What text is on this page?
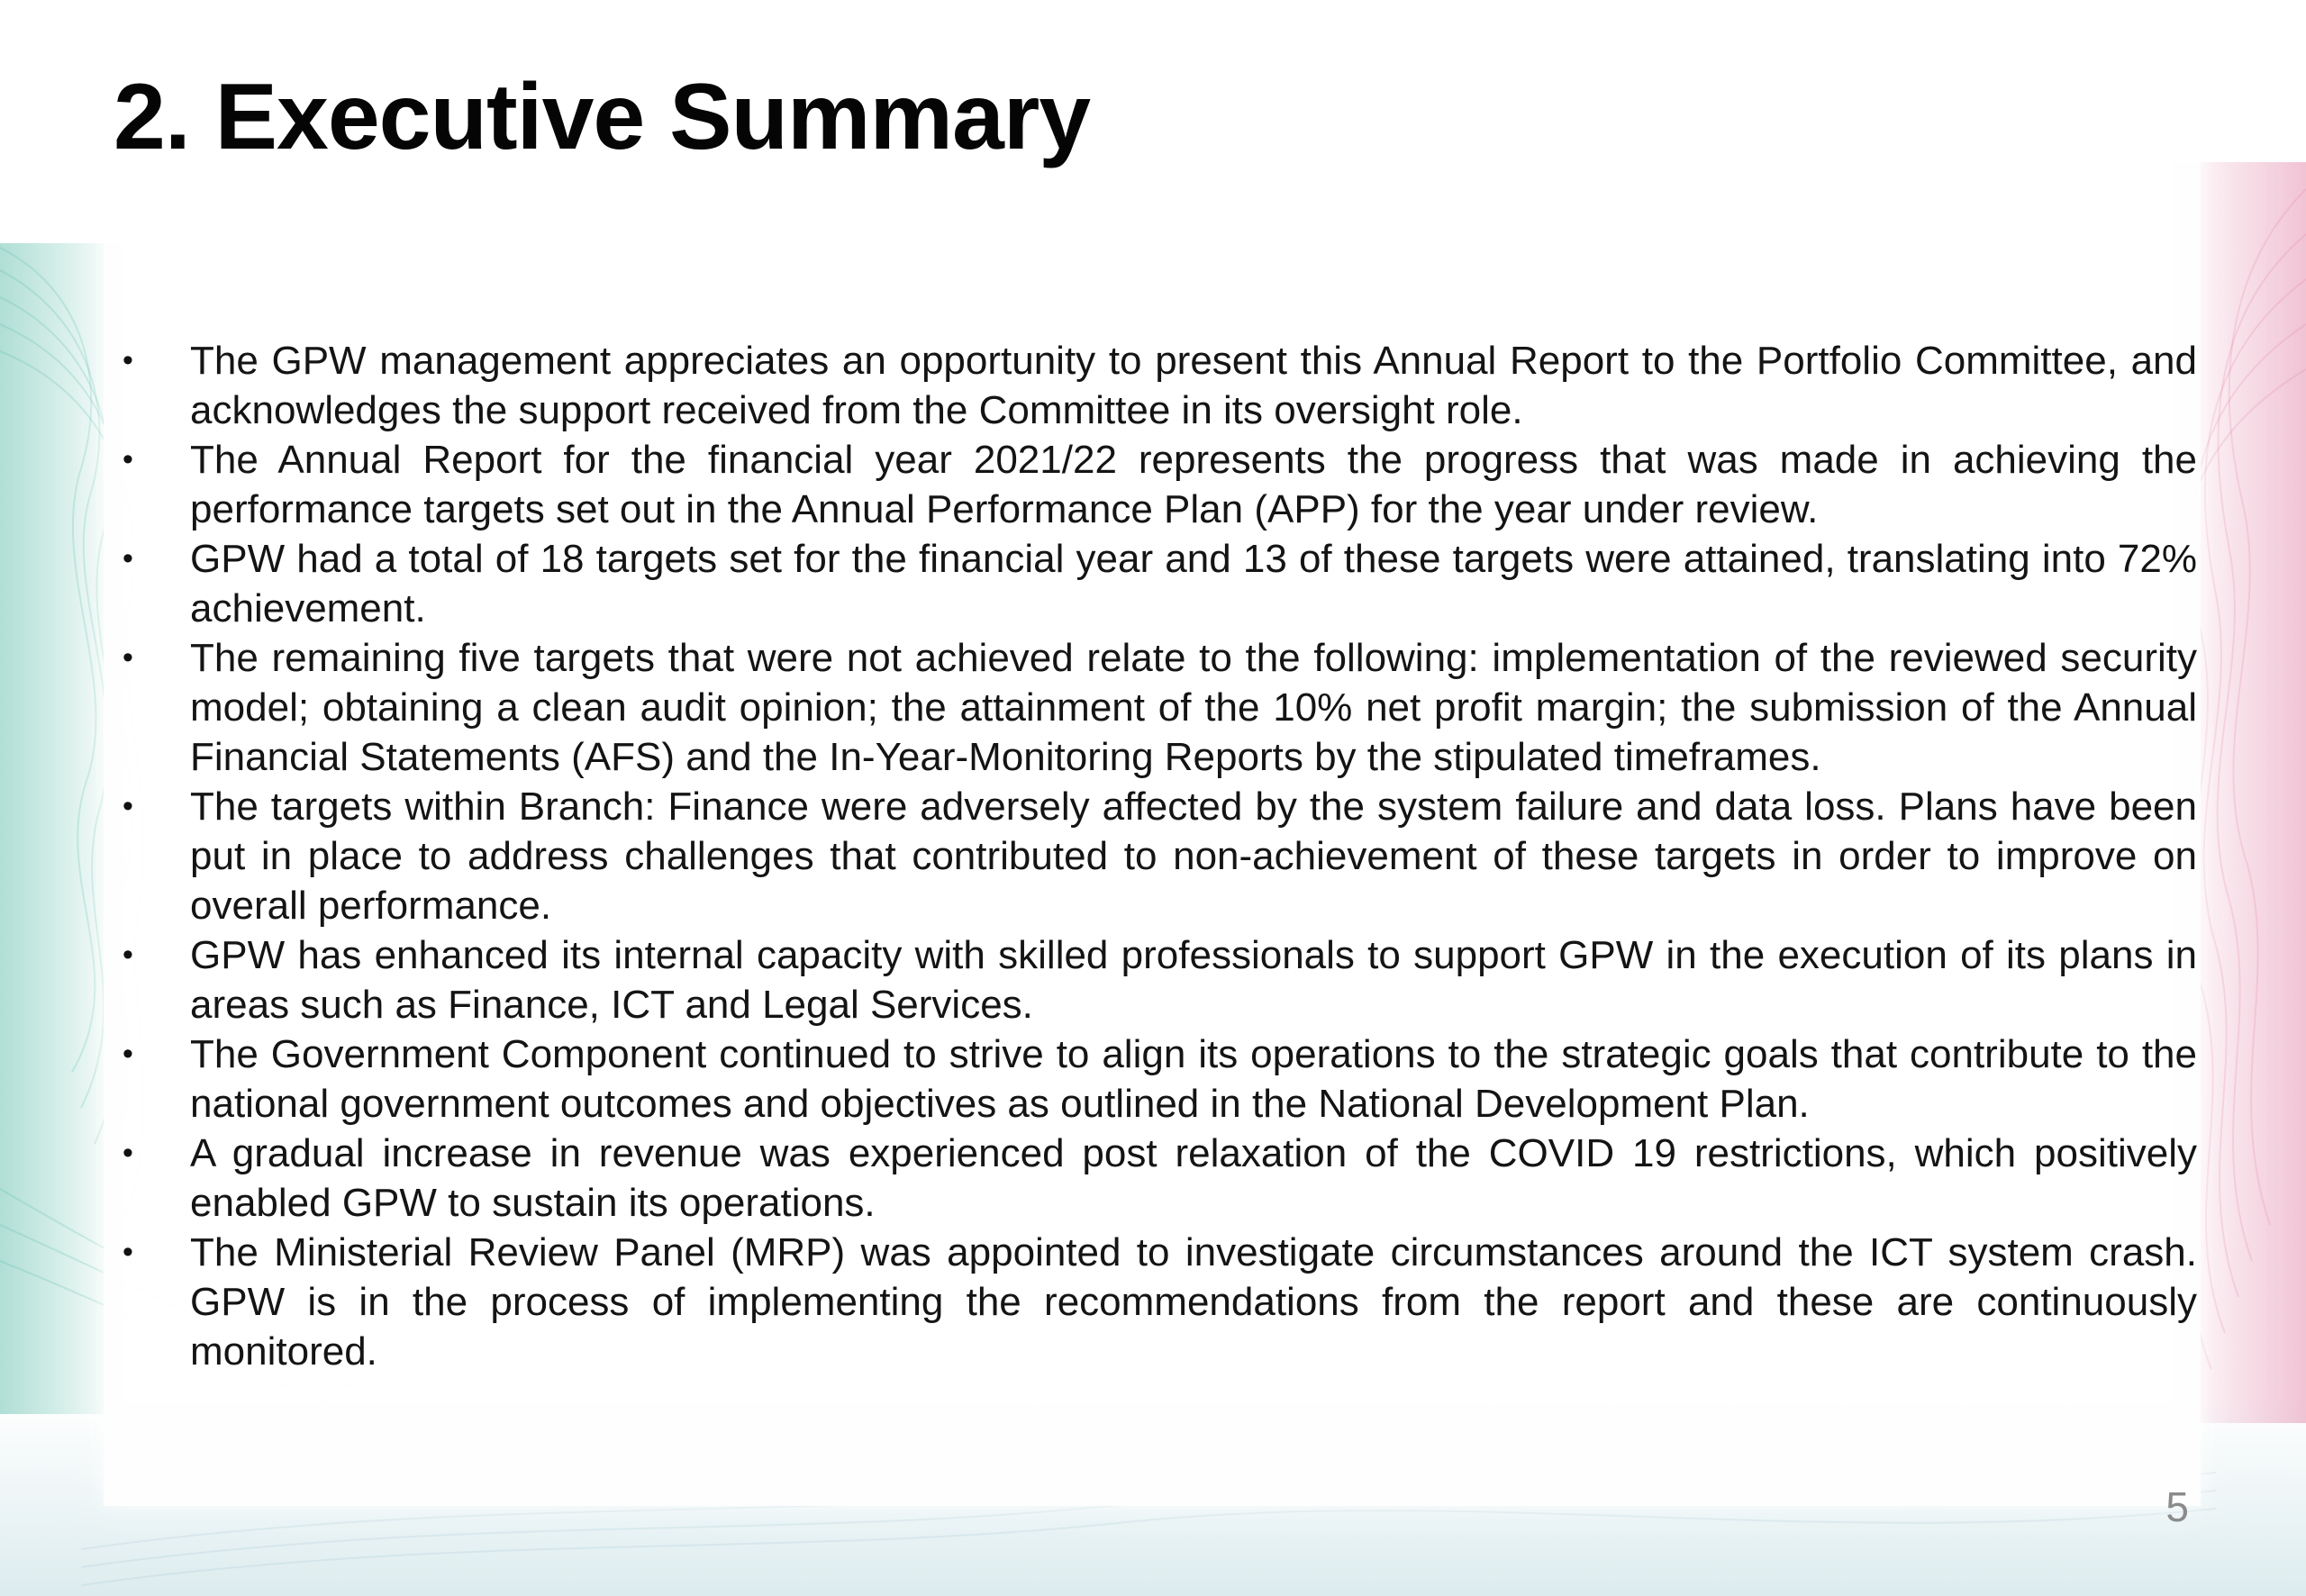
2. Executive Summary
•	The GPW management appreciates an opportunity to present this Annual Report to the Portfolio Committee, and acknowledges the support received from the Committee in its oversight role.
•	The Annual Report for the financial year 2021/22 represents the progress that was made in achieving the performance targets set out in the Annual Performance Plan (APP) for the year under review.
•	GPW had a total of 18 targets set for the financial year and 13 of these targets were attained, translating into 72% achievement.
•	The remaining five targets that were not achieved relate to the following: implementation of the reviewed security model; obtaining a clean audit opinion; the attainment of the 10% net profit margin; the submission of the Annual Financial Statements (AFS) and the In-Year-Monitoring Reports by the stipulated timeframes.
•	The targets within Branch: Finance were adversely affected by the system failure and data loss. Plans have been put in place to address challenges that contributed to non-achievement of these targets in order to improve on overall performance.
•	GPW has enhanced its internal capacity with skilled professionals to support GPW in the execution of its plans in areas such as Finance, ICT and Legal Services.
•	The Government Component continued to strive to align its operations to the strategic goals that contribute to the national government outcomes and objectives as outlined in the National Development Plan.
•	A gradual increase in revenue was experienced post relaxation of the COVID 19 restrictions, which positively enabled GPW to sustain its operations.
•	The Ministerial Review Panel (MRP) was appointed to investigate circumstances around the ICT system crash. GPW is in the process of implementing the recommendations from the report and these are continuously monitored.
5
